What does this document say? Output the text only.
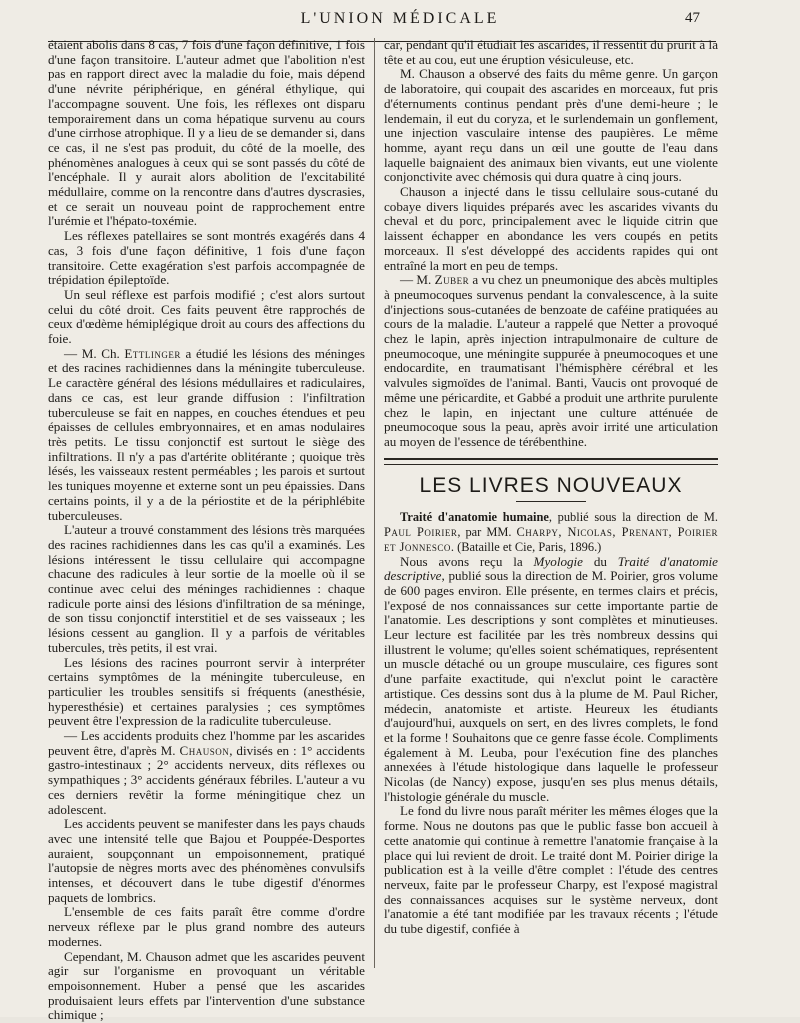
L'UNION MÉDICALE	47

étaient abolis dans 8 cas, 7 fois d'une façon définitive, 1 fois d'une façon transitoire. L'auteur admet que l'abolition n'est pas en rapport direct avec la maladie du foie, mais dépend d'une névrite périphérique, en général éthylique, qui l'accompagne souvent. Une fois, les réflexes ont disparu temporairement dans un coma hépatique survenu au cours d'une cirrhose atrophique. Il y a lieu de se demander si, dans ce cas, il ne s'est pas produit, du côté de la moelle, des phénomènes analogues à ceux qui se sont passés du côté de l'encéphale. Il y aurait alors abolition de l'excitabilité médullaire, comme on la rencontre dans d'autres dyscrasies, et ce serait un nouveau point de rapprochement entre l'urémie et l'hépato-toxémie.

Les réflexes patellaires se sont montrés exagérés dans 4 cas, 3 fois d'une façon définitive, 1 fois d'une façon transitoire. Cette exagération s'est parfois accompagnée de trépidation épileptoïde.

Un seul réflexe est parfois modifié ; c'est alors surtout celui du côté droit. Ces faits peuvent être rapprochés de ceux d'œdème hémiplégique droit au cours des affections du foie.

— M. Ch. Ettlinger a étudié les lésions des méninges et des racines rachidiennes dans la méningite tuberculeuse. Le caractère général des lésions médullaires et radiculaires, dans ce cas, est leur grande diffusion : l'infiltration tuberculeuse se fait en nappes, en couches étendues et peu épaisses de cellules embryonnaires, et en amas nodulaires très petits. Le tissu conjonctif est surtout le siège des infiltrations. Il n'y a pas d'artérite oblitérante ; quoique très lésés, les vaisseaux restent perméables ; les parois et surtout les tuniques moyenne et externe sont un peu épaissies. Dans certains points, il y a de la périostite et de la périphlébite tuberculeuses.

L'auteur a trouvé constamment des lésions très marquées des racines rachidiennes dans les cas qu'il a examinés. Les lésions intéressent le tissu cellulaire qui accompagne chacune des radicules à leur sortie de la moelle où il se continue avec celui des méninges rachidiennes : chaque radicule porte ainsi des lésions d'infiltration de sa méninge, de son tissu conjonctif interstitiel et de ses vaisseaux ; les lésions cessent au ganglion. Il y a parfois de véritables tubercules, très petits, il est vrai.

Les lésions des racines pourront servir à interpréter certains symptômes de la méningite tuberculeuse, en particulier les troubles sensitifs si fréquents (anesthésie, hyperesthésie) et certaines paralysies ; ces symptômes peuvent être l'expression de la radiculite tuberculeuse.

— Les accidents produits chez l'homme par les ascarides peuvent être, d'après M. Chauson, divisés en : 1° accidents gastro-intestinaux ; 2° accidents nerveux, dits réflexes ou sympathiques ; 3° accidents généraux fébriles. L'auteur a vu ces derniers revêtir la forme méningitique chez un adolescent.

Les accidents peuvent se manifester dans les pays chauds avec une intensité telle que Bajou et Pouppée-Desportes auraient, soupçonnant un empoisonnement, pratiqué l'autopsie de nègres morts avec des phénomènes convulsifs intenses, et découvert dans le tube digestif d'énormes paquets de lombrics.

L'ensemble de ces faits paraît être comme d'ordre nerveux réflexe par le plus grand nombre des auteurs modernes.

Cependant, M. Chauson admet que les ascarides peuvent agir sur l'organisme en provoquant un véritable empoisonnement. Huber a pensé que les ascarides produisaient leurs effets par l'intervention d'une substance chimique ;

car, pendant qu'il étudiait les ascarides, il ressentit du prurit à la tête et au cou, eut une éruption vésiculeuse, etc.

M. Chauson a observé des faits du même genre. Un garçon de laboratoire, qui coupait des ascarides en morceaux, fut pris d'éternuments continus pendant près d'une demi-heure ; le lendemain, il eut du coryza, et le surlendemain un gonflement, une injection vasculaire intense des paupières. Le même homme, ayant reçu dans un œil une goutte de l'eau dans laquelle baignaient des animaux bien vivants, eut une violente conjonctivite avec chémosis qui dura quatre à cinq jours.

Chauson a injecté dans le tissu cellulaire sous-cutané du cobaye divers liquides préparés avec les ascarides vivants du cheval et du porc, principalement avec le liquide citrin que laissent échapper en abondance les vers coupés en petits morceaux. Il s'est développé des accidents rapides qui ont entraîné la mort en peu de temps.

— M. Zuber a vu chez un pneumonique des abcès multiples à pneumocoques survenus pendant la convalescence, à la suite d'injections sous-cutanées de benzoate de caféine pratiquées au cours de la maladie. L'auteur a rappelé que Netter a provoqué chez le lapin, après injection intrapulmonaire de culture de pneumocoque, une méningite suppurée à pneumocoques et une endocardite, en traumatisant l'hémisphère cérébral et les valvules sigmoïdes de l'animal. Banti, Vaucis ont provoqué de même une péricardite, et Gabbé a produit une arthrite purulente chez le lapin, en injectant une culture atténuée de pneumocoque sous la peau, après avoir irrité une articulation au moyen de l'essence de térébenthine.

LES LIVRES NOUVEAUX

Traité d'anatomie humaine, publié sous la direction de M. Paul Poirier, par MM. Charpy, Nicolas, Prenant, Poirier et Jonnesco. (Bataille et Cie, Paris, 1896.)

Nous avons reçu la Myologie du Traité d'anatomie descriptive, publié sous la direction de M. Poirier, gros volume de 600 pages environ. Elle présente, en termes clairs et précis, l'exposé de nos connaissances sur cette importante partie de l'anatomie. Les descriptions y sont complètes et minutieuses. Leur lecture est facilitée par les très nombreux dessins qui illustrent le volume; qu'elles soient schématiques, représentent un muscle détaché ou un groupe musculaire, ces figures sont d'une parfaite exactitude, qui n'exclut point le caractère artistique. Ces dessins sont dus à la plume de M. Paul Richer, médecin, anatomiste et artiste. Heureux les étudiants d'aujourd'hui, auxquels on sert, en des livres complets, le fond et la forme ! Souhaitons que ce genre fasse école. Compliments également à M. Leuba, pour l'exécution fine des planches annexées à l'étude histologique dans laquelle le professeur Nicolas (de Nancy) expose, jusqu'en ses plus menus détails, l'histologie générale du muscle.

Le fond du livre nous paraît mériter les mêmes éloges que la forme. Nous ne doutons pas que le public fasse bon accueil à cette anatomie qui continue à remettre l'anatomie française à la place qui lui revient de droit. Le traité dont M. Poirier dirige la publication est à la veille d'être complet : l'étude des centres nerveux, faite par le professeur Charpy, est l'exposé magistral des connaissances acquises sur le système nerveux, dont l'anatomie a été tant modifiée par les travaux récents ; l'étude du tube digestif, confiée à
